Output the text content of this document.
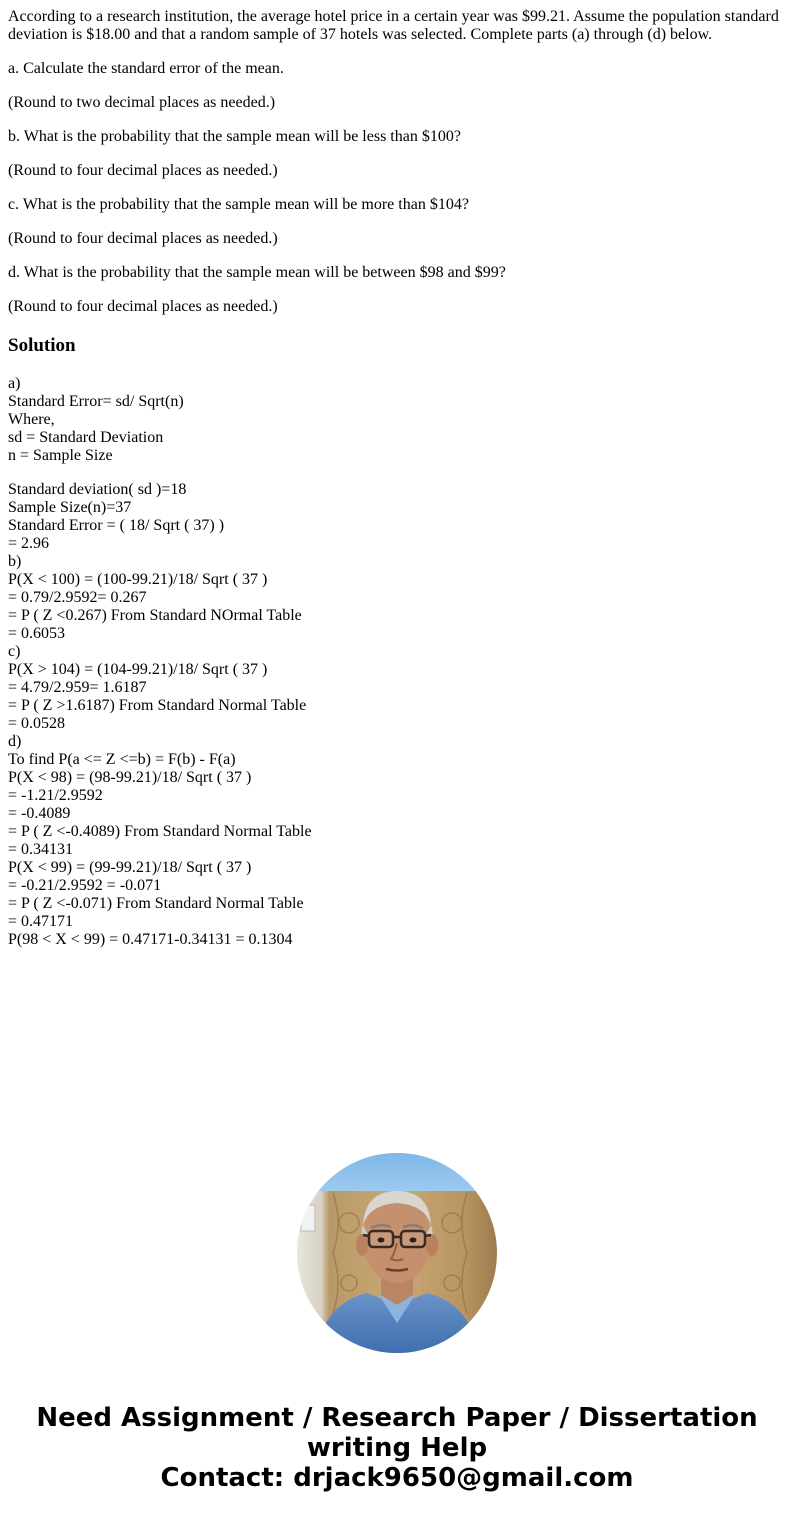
According to a research institution, the average hotel price in a certain year was $99.21. Assume the population standard deviation is $18.00 and that a random sample of 37 hotels was selected. Complete parts (a) through (d) below.

a. Calculate the standard error of the mean.

(Round to two decimal places as needed.)

b. What is the probability that the sample mean will be less than $100?

(Round to four decimal places as needed.)

c. What is the probability that the sample mean will be more than $104?

(Round to four decimal places as needed.)

d. What is the probability that the sample mean will be between $98 and $99?

(Round to four decimal places as needed.)

Solution
a)
Standard Error= sd/ Sqrt(n)
Where,
sd = Standard Deviation
n = Sample Size
Standard deviation( sd )=18
Sample Size(n)=37
Standard Error = ( 18/ Sqrt ( 37) )
= 2.96
b)
P(X < 100) = (100-99.21)/18/ Sqrt ( 37 )
= 0.79/2.9592= 0.267
= P ( Z <0.267) From Standard NOrmal Table
= 0.6053
c)
P(X > 104) = (104-99.21)/18/ Sqrt ( 37 )
= 4.79/2.959= 1.6187
= P ( Z >1.6187) From Standard Normal Table
= 0.0528
d)
To find P(a <= Z <=b) = F(b) - F(a)
P(X < 98) = (98-99.21)/18/ Sqrt ( 37 )
= -1.21/2.9592
= -0.4089
= P ( Z <-0.4089) From Standard Normal Table
= 0.34131
P(X < 99) = (99-99.21)/18/ Sqrt ( 37 )
= -0.21/2.9592 = -0.071
= P ( Z <-0.071) From Standard Normal Table
= 0.47171
P(98 < X < 99) = 0.47171-0.34131 = 0.1304
Need Assignment / Research Paper / Dissertation
writing Help
Contact: drjack9650@gmail.com
